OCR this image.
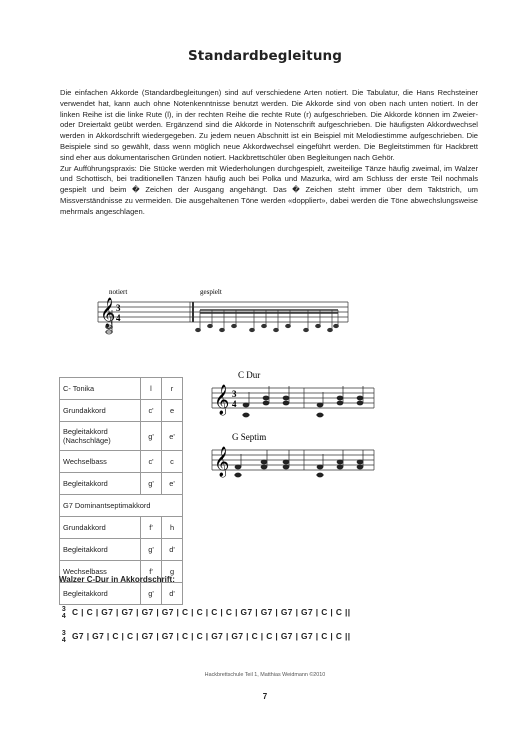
Standardbegleitung

Die einfachen Akkorde (Standardbegleitungen) sind auf verschiedene Arten notiert. Die Tabulatur, die Hans Rechsteiner verwendet hat, kann auch ohne Notenkenntnisse benutzt werden. Die Akkorde sind von oben nach unten notiert. In der linken Reihe ist die linke Rute (l), in der rechten Reihe die rechte Rute (r) aufgeschrieben. Die Akkorde können im Zweier- oder Dreiertakt geübt werden. Ergänzend sind die Akkorde in Notenschrift aufgeschrieben. Die häufigsten Akkordwechsel werden in Akkordschrift wiedergegeben. Zu jedem neuen Abschnitt ist ein Beispiel mit Melodiestimme aufgeschrieben. Die Beispiele sind so gewählt, dass wenn möglich neue Akkordwechsel eingeführt werden. Die Begleitstimmen für Hackbrett sind eher aus dokumentarischen Gründen notiert. Hackbrettschüler üben Begleitungen nach Gehör.

Zur Aufführungspraxis: Die Stücke werden mit Wiederholungen durchgespielt, zweiteilige Tänze häufig zweimal, im Walzer und Schottisch, bei traditionellen Tänzen häufig auch bei Polka und Mazurka, wird am Schluss der erste Teil nochmals gespielt und beim � Zeichen der Ausgang angehängt. Das � Zeichen steht immer über dem Taktstrich, um Missverständnisse zu vermeiden. Die ausgehaltenen Töne werden «doppliert», dabei werden die Töne abwechslungsweise mehrmals angeschlagen.

𝄞
notiert	gespielt
3
4
C- Tonika	l	r
Grundakkord	c'	e
Begleitakkord (Nachschläge)	g'	e'
Wechselbass	c'	c
Begleitakkord	g'	e'
G7 Dominantseptimakkord		
Grundakkord	f'	h
Begleitakkord	g'	d'
Wechselbass	f'	g
Begleitakkord	g'	d'
C Dur
𝄞 3
4
G Septim
𝄞
Walzer C-Dur in Akkordschrift:
3
4 C | C | G7 | G7 | G7 | G7 | C | C | C | C | G7 | G7 | G7 | G7 | C | C ||
3
4 G7 | G7 | C | C | G7 | G7 | C | C | G7 | G7 | C | C | G7 | G7 | C | C ||
Hackbrettschule Teil 1, Matthias Weidmann ©2010
7
